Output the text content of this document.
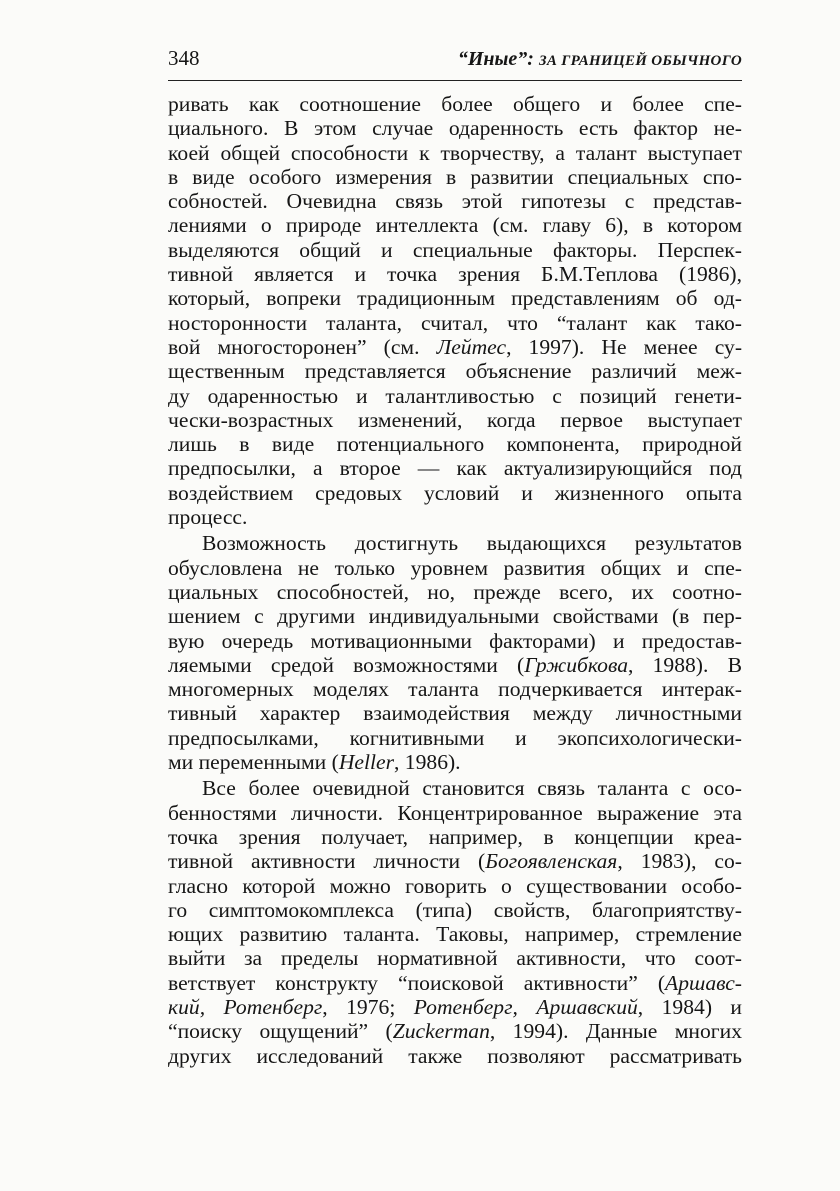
348	“Иные”: ЗА ГРАНИЦЕЙ ОБЫЧНОГО
ривать как соотношение более общего и более спе-
циального. В этом случае одаренность есть фактор не-
коей общей способности к творчеству, а талант выступает
в виде особого измерения в развитии специальных спо-
собностей. Очевидна связь этой гипотезы с представ-
лениями о природе интеллекта (см. главу 6), в котором
выделяются общий и специальные факторы. Перспек-
тивной является и точка зрения Б.М.Теплова (1986),
который, вопреки традиционным представлениям об од-
носторонности таланта, считал, что “талант как тако-
вой многосторонен” (см. Лейтес, 1997). Не менее су-
щественным представляется объяснение различий меж-
ду одаренностью и талантливостью с позиций генети-
чески-возрастных изменений, когда первое выступает
лишь в виде потенциального компонента, природной
предпосылки, а второе — как актуализирующийся под
воздействием средовых условий и жизненного опыта
процесс.
Возможность достигнуть выдающихся результатов
обусловлена не только уровнем развития общих и спе-
циальных способностей, но, прежде всего, их соотно-
шением с другими индивидуальными свойствами (в пер-
вую очередь мотивационными факторами) и предостав-
ляемыми средой возможностями (Гржибкова, 1988). В
многомерных моделях таланта подчеркивается интерак-
тивный характер взаимодействия между личностными
предпосылками, когнитивными и экопсихологически-
ми переменными (Heller, 1986).
Все более очевидной становится связь таланта с осо-
бенностями личности. Концентрированное выражение эта
точка зрения получает, например, в концепции креа-
тивной активности личности (Богоявленская, 1983), со-
гласно которой можно говорить о существовании особо-
го симптомокомплекса (типа) свойств, благоприятству-
ющих развитию таланта. Таковы, например, стремление
выйти за пределы нормативной активности, что соот-
ветствует конструкту “поисковой активности” (Аршавс-
кий, Ротенберг, 1976; Ротенберг, Аршавский, 1984) и
“поиску ощущений” (Zuckerman, 1994). Данные многих
других исследований также позволяют рассматривать
